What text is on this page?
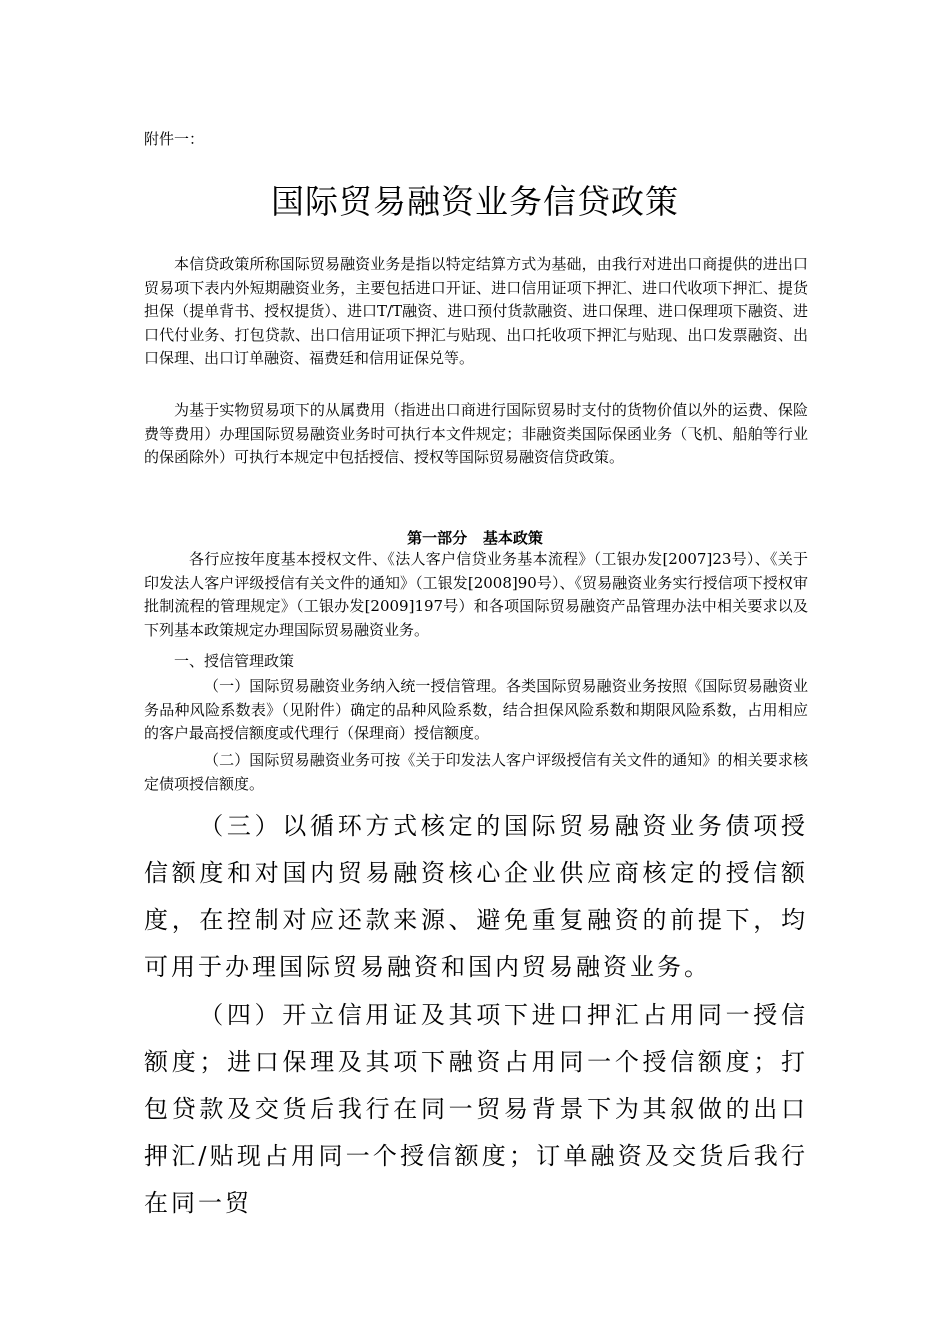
附件一：
国际贸易融资业务信贷政策
本信贷政策所称国际贸易融资业务是指以特定结算方式为基础，由我行对进出口商提供的进出口贸易项下表内外短期融资业务，主要包括进口开证、进口信用证项下押汇、进口代收项下押汇、提货担保（提单背书、授权提货）、进口T/T融资、进口预付货款融资、进口保理、进口保理项下融资、进口代付业务、打包贷款、出口信用证项下押汇与贴现、出口托收项下押汇与贴现、出口发票融资、出口保理、出口订单融资、福费廷和信用证保兑等。
为基于实物贸易项下的从属费用（指进出口商进行国际贸易时支付的货物价值以外的运费、保险费等费用）办理国际贸易融资业务时可执行本文件规定；非融资类国际保函业务（飞机、船舶等行业的保函除外）可执行本规定中包括授信、授权等国际贸易融资信贷政策。
第一部分   基本政策
各行应按年度基本授权文件、《法人客户信贷业务基本流程》（工银办发[2007]23号）、《关于印发法人客户评级授信有关文件的通知》（工银发[2008]90号）、《贸易融资业务实行授信项下授权审批制流程的管理规定》（工银办发[2009]197号）和各项国际贸易融资产品管理办法中相关要求以及下列基本政策规定办理国际贸易融资业务。
一、授信管理政策
（一）国际贸易融资业务纳入统一授信管理。各类国际贸易融资业务按照《国际贸易融资业务品种风险系数表》（见附件）确定的品种风险系数，结合担保风险系数和期限风险系数，占用相应的客户最高授信额度或代理行（保理商）授信额度。
（二）国际贸易融资业务可按《关于印发法人客户评级授信有关文件的通知》的相关要求核定债项授信额度。
（三）以循环方式核定的国际贸易融资业务债项授信额度和对国内贸易融资核心企业供应商核定的授信额度，在控制对应还款来源、避免重复融资的前提下，均可用于办理国际贸易融资和国内贸易融资业务。
（四）开立信用证及其项下进口押汇占用同一授信额度；进口保理及其项下融资占用同一个授信额度；打包贷款及交货后我行在同一贸易背景下为其叙做的出口押汇/贴现占用同一个授信额度；订单融资及交货后我行在同一贸
